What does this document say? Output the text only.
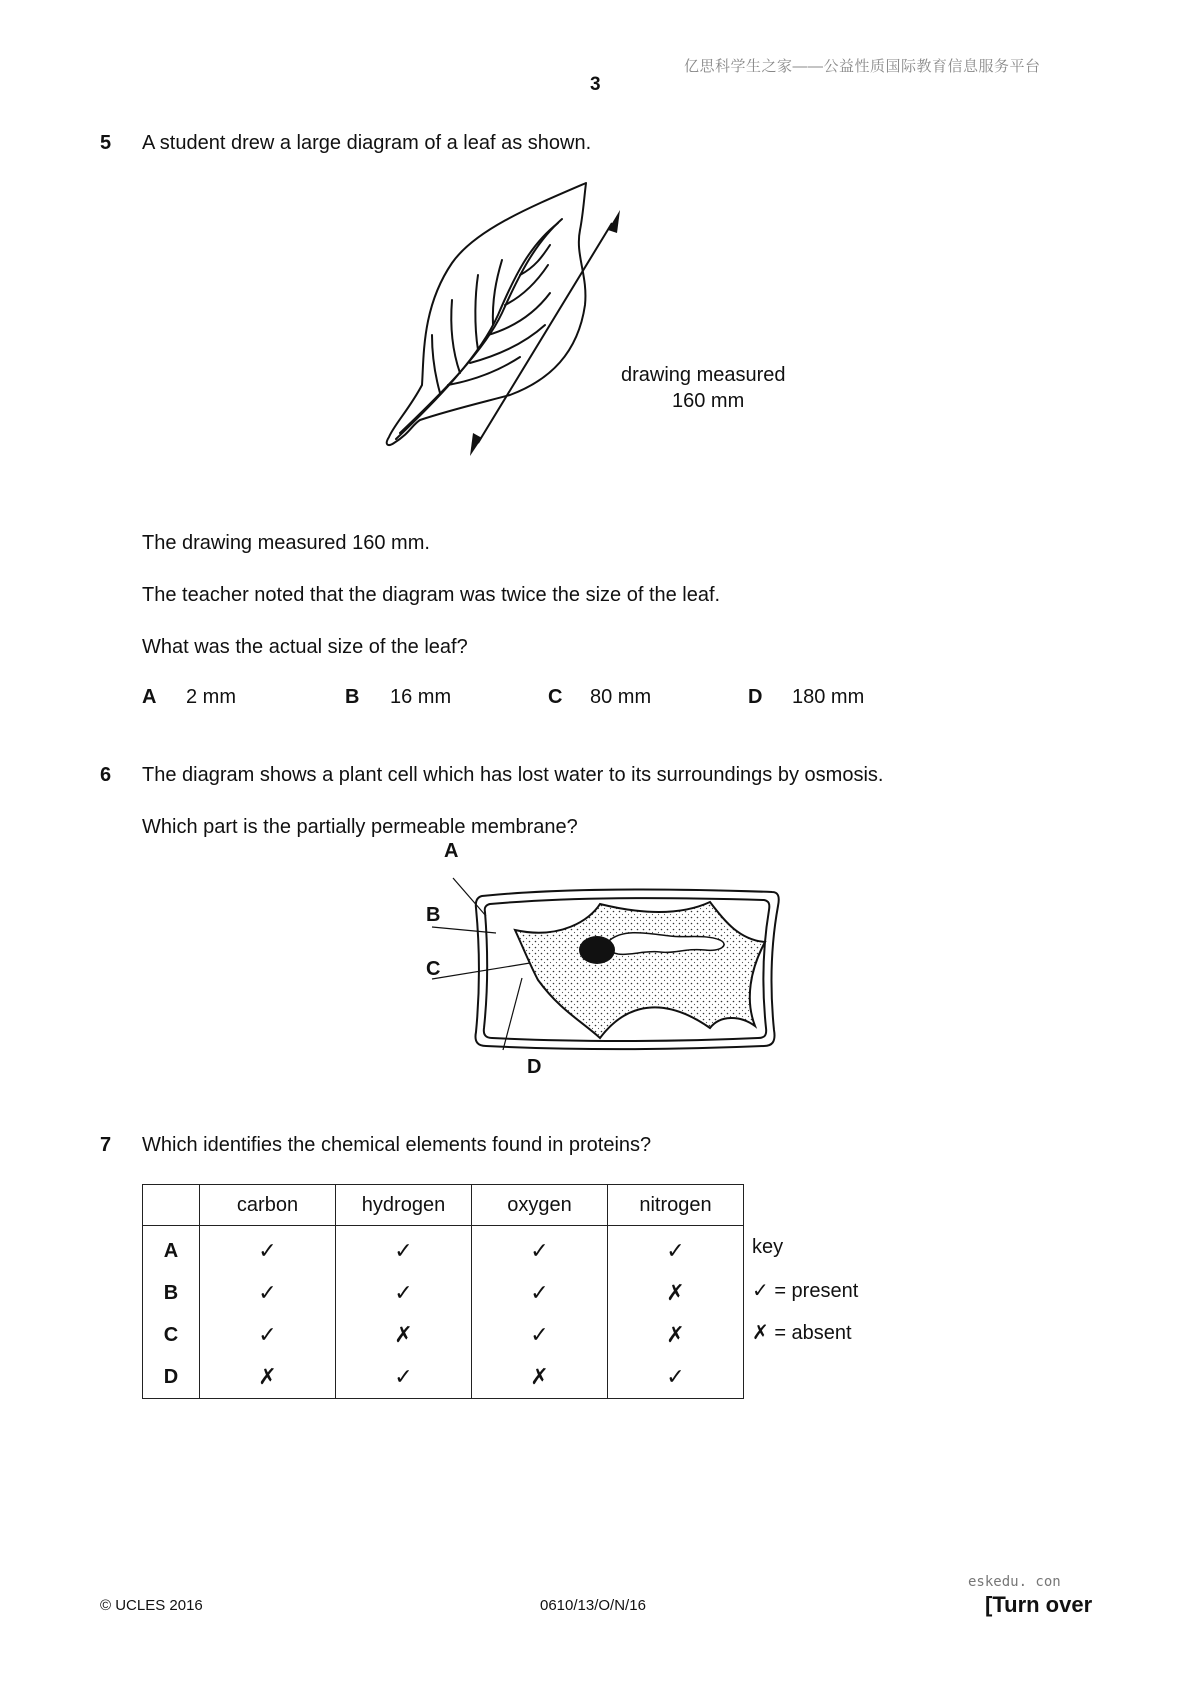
亿思科学生之家——公益性质国际教育信息服务平台
3
5 A student drew a large diagram of a leaf as shown.
drawing measured
160 mm
The drawing measured 160 mm.
The teacher noted that the diagram was twice the size of the leaf.
What was the actual size of the leaf?
A 2 mm	B 16 mm	C 80 mm	D 180 mm
6 The diagram shows a plant cell which has lost water to its surroundings by osmosis.
Which part is the partially permeable membrane?
A
B
C
D
7 Which identifies the chemical elements found in proteins?
	carbon	hydrogen	oxygen	nitrogen
A	✓	✓	✓	✓
B	✓	✓	✓	✗
C	✓	✗	✓	✗
D	✗	✓	✗	✓
key
✓ = present
✗ = absent
eskedu. con
© UCLES 2016	0610/13/O/N/16	[Turn over
